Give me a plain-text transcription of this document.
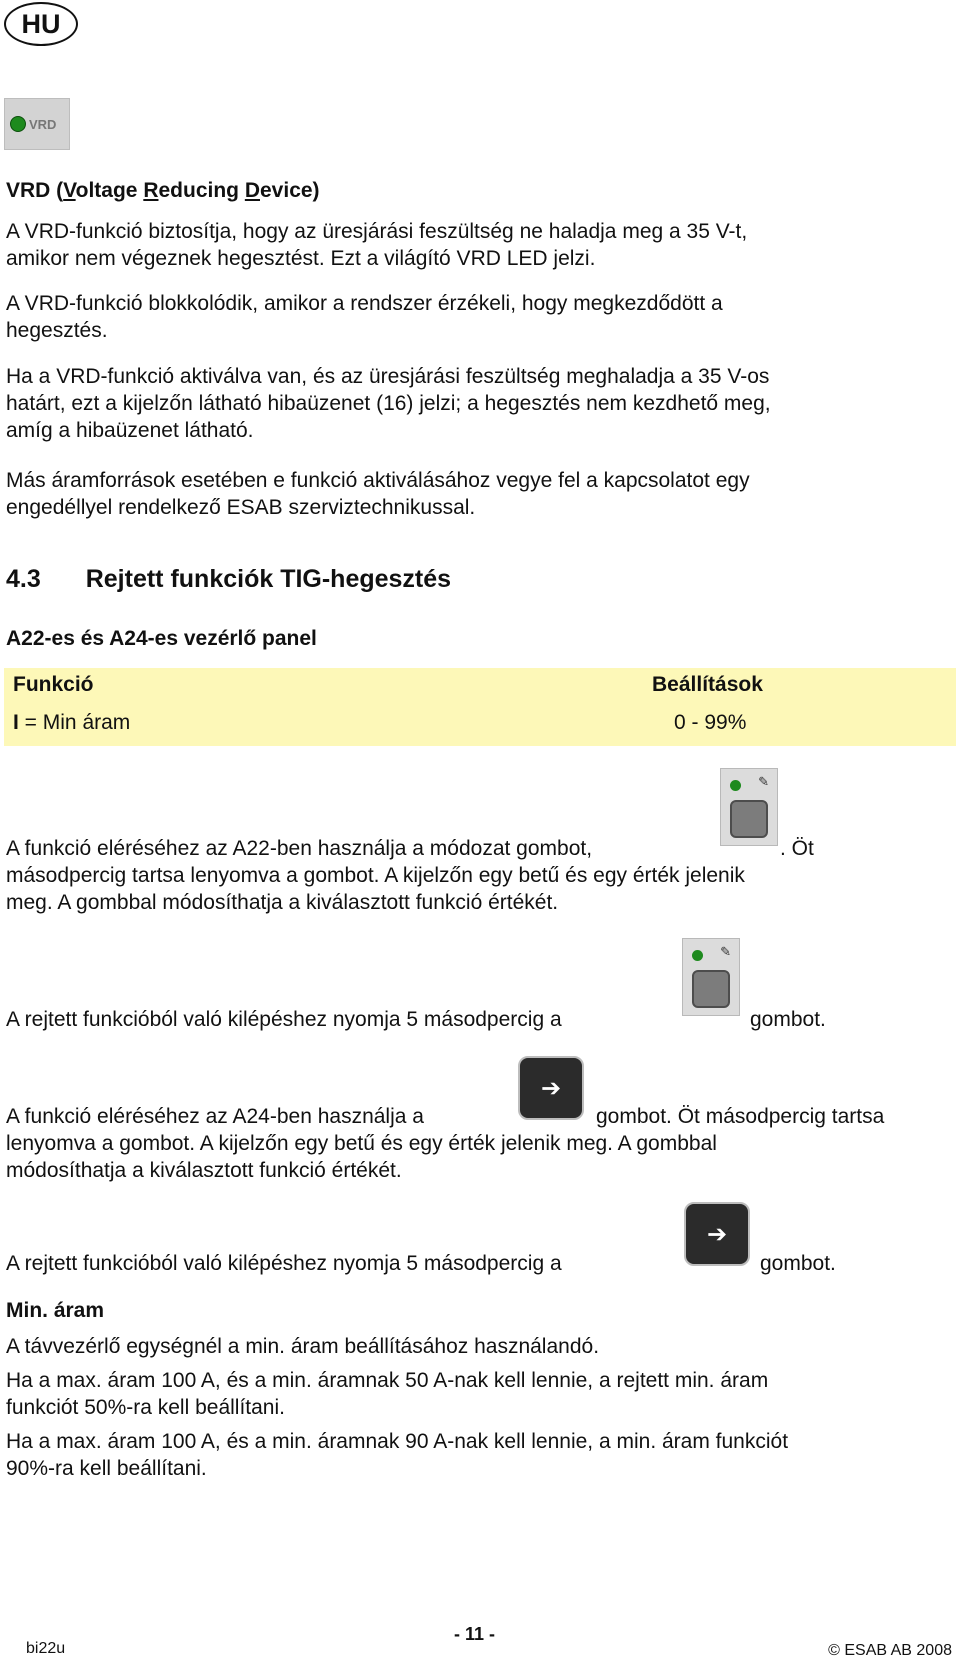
HU
VRD
VRD (Voltage Reducing Device)
A VRD-funkció biztosítja, hogy az üresjárási feszültség ne haladja meg a 35 V-t,
amikor nem végeznek hegesztést. Ezt a világító VRD LED jelzi.
A VRD-funkció blokkolódik, amikor a rendszer érzékeli, hogy megkezdődött a
hegesztés.
Ha a VRD-funkció aktiválva van, és az üresjárási feszültség meghaladja a 35 V-os
határt, ezt a kijelzőn látható hibaüzenet (16) jelzi; a hegesztés nem kezdhető meg,
amíg a hibaüzenet látható.
Más áramforrások esetében e funkció aktiválásához vegye fel a kapcsolatot egy
engedéllyel rendelkező ESAB szerviztechnikussal.
4.3 Rejtett funkciók TIG-hegesztés
A22-es és A24-es vezérlő panel
Funkció	Beállítások
I = Min áram	0 - 99%
✎
A funkció eléréséhez az A22-ben használja a módozat gombot,	. Öt
másodpercig tartsa lenyomva a gombot. A kijelzőn egy betű és egy érték jelenik
meg. A gombbal módosíthatja a kiválasztott funkció értékét.
✎
A rejtett funkcióból való kilépéshez nyomja 5 másodpercig a	gombot.
➔
A funkció eléréséhez az A24-ben használja a	gombot. Öt másodpercig tartsa
lenyomva a gombot. A kijelzőn egy betű és egy érték jelenik meg. A gombbal
módosíthatja a kiválasztott funkció értékét.
➔
A rejtett funkcióból való kilépéshez nyomja 5 másodpercig a	gombot.
Min. áram
A távvezérlő egységnél a min. áram beállításához használandó.
Ha a max. áram 100 A, és a min. áramnak 50 A-nak kell lennie, a rejtett min. áram
funkciót 50%-ra kell beállítani.
Ha a max. áram 100 A, és a min. áramnak 90 A-nak kell lennie, a min. áram funkciót
90%-ra kell beállítani.
- 11 -
bi22u	© ESAB AB 2008
